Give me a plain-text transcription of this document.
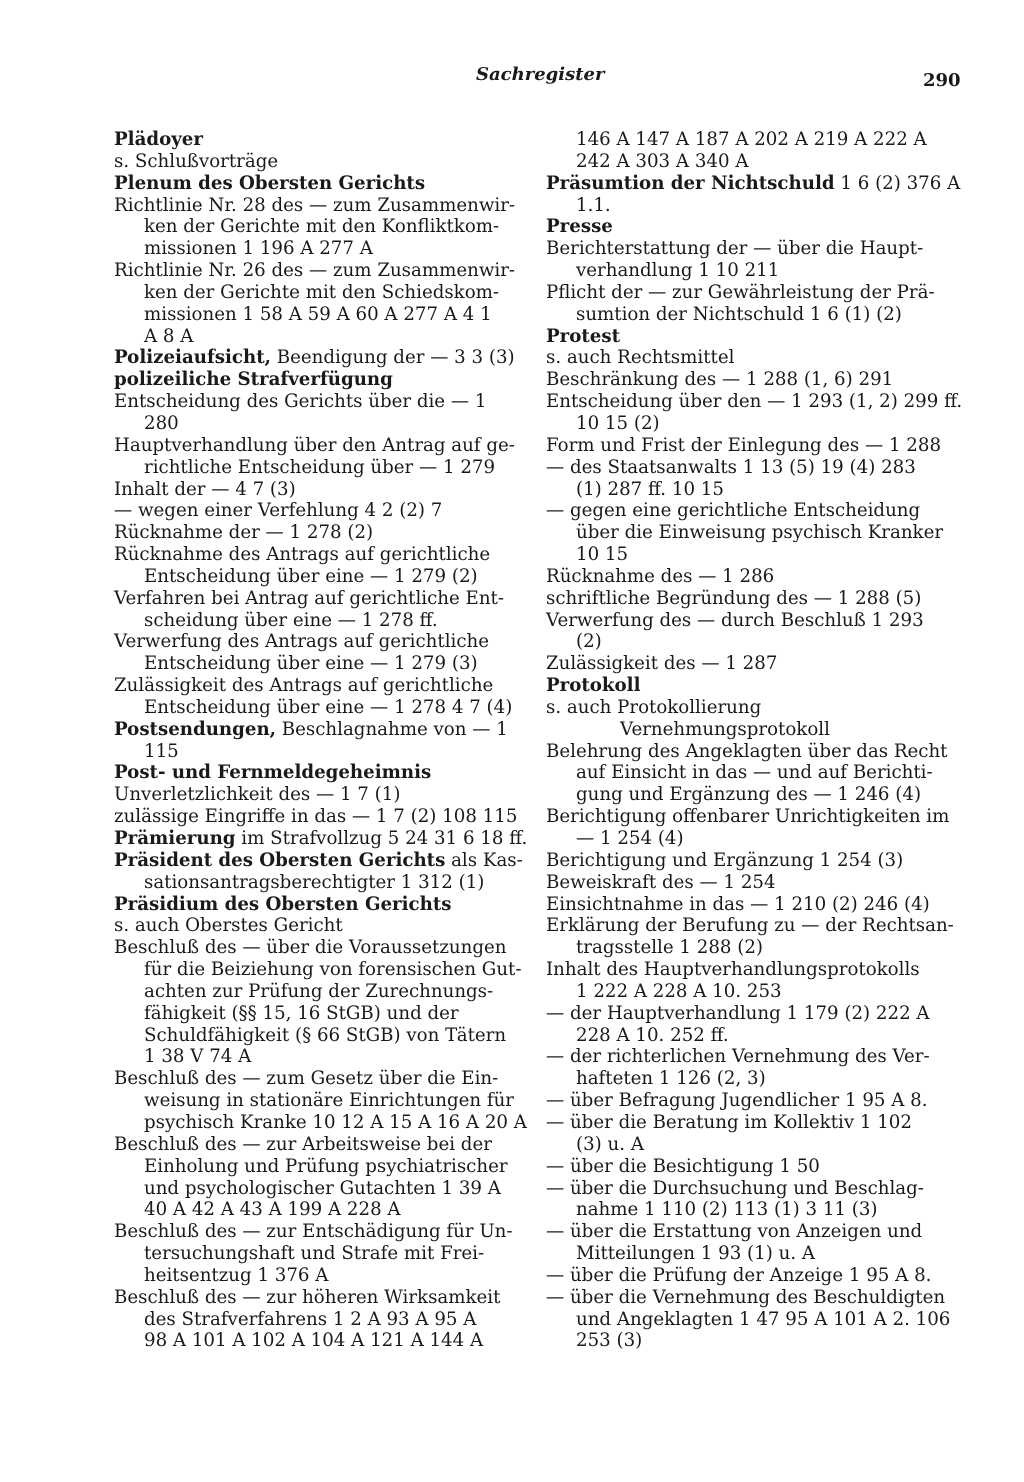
Sachregister	290
Plädoyer
s. Schlußvorträge
Plenum des Obersten Gerichts
Richtlinie Nr. 28 des — zum Zusammenwir-
ken der Gerichte mit den Konfliktkom-
missionen 1 196 A 277 A
Richtlinie Nr. 26 des — zum Zusammenwir-
ken der Gerichte mit den Schiedskom-
missionen 1 58 A 59 A 60 A 277 A 4 1
A 8 A
Polizeiaufsicht, Beendigung der — 3 3 (3)
polizeiliche Strafverfügung
Entscheidung des Gerichts über die — 1
280
Hauptverhandlung über den Antrag auf ge-
richtliche Entscheidung über — 1 279
Inhalt der — 4 7 (3)
— wegen einer Verfehlung 4 2 (2) 7
Rücknahme der — 1 278 (2)
Rücknahme des Antrags auf gerichtliche
Entscheidung über eine — 1 279 (2)
Verfahren bei Antrag auf gerichtliche Ent-
scheidung über eine — 1 278 ff.
Verwerfung des Antrags auf gerichtliche
Entscheidung über eine — 1 279 (3)
Zulässigkeit des Antrags auf gerichtliche
Entscheidung über eine — 1 278 4 7 (4)
Postsendungen, Beschlagnahme von — 1
115
Post- und Fernmeldegeheimnis
Unverletzlichkeit des — 1 7 (1)
zulässige Eingriffe in das — 1 7 (2) 108 115
Prämierung im Strafvollzug 5 24 31 6 18 ff.
Präsident des Obersten Gerichts als Kas-
sationsantragsberechtigter 1 312 (1)
Präsidium des Obersten Gerichts
s. auch Oberstes Gericht
Beschluß des — über die Voraussetzungen
für die Beiziehung von forensischen Gut-
achten zur Prüfung der Zurechnungs-
fähigkeit (§§ 15, 16 StGB) und der
Schuldfähigkeit (§ 66 StGB) von Tätern
1 38 V 74 A
Beschluß des — zum Gesetz über die Ein-
weisung in stationäre Einrichtungen für
psychisch Kranke 10 12 A 15 A 16 A 20 A
Beschluß des — zur Arbeitsweise bei der
Einholung und Prüfung psychiatrischer
und psychologischer Gutachten 1 39 A
40 A 42 A 43 A 199 A 228 A
Beschluß des — zur Entschädigung für Un-
tersuchungshaft und Strafe mit Frei-
heitsentzug 1 376 A
Beschluß des — zur höheren Wirksamkeit
des Strafverfahrens 1 2 A 93 A 95 A
98 A 101 A 102 A 104 A 121 A 144 A
146 A 147 A 187 A 202 A 219 A 222 A
242 A 303 A 340 A
Präsumtion der Nichtschuld 1 6 (2) 376 A
1.1.
Presse
Berichterstattung der — über die Haupt-
verhandlung 1 10 211
Pflicht der — zur Gewährleistung der Prä-
sumtion der Nichtschuld 1 6 (1) (2)
Protest
s. auch Rechtsmittel
Beschränkung des — 1 288 (1, 6) 291
Entscheidung über den — 1 293 (1, 2) 299 ff.
10 15 (2)
Form und Frist der Einlegung des — 1 288
— des Staatsanwalts 1 13 (5) 19 (4) 283
(1) 287 ff. 10 15
— gegen eine gerichtliche Entscheidung
über die Einweisung psychisch Kranker
10 15
Rücknahme des — 1 286
schriftliche Begründung des — 1 288 (5)
Verwerfung des — durch Beschluß 1 293
(2)
Zulässigkeit des — 1 287
Protokoll
s. auch Protokollierung
Vernehmungsprotokoll
Belehrung des Angeklagten über das Recht
auf Einsicht in das — und auf Berichti-
gung und Ergänzung des — 1 246 (4)
Berichtigung offenbarer Unrichtigkeiten im
— 1 254 (4)
Berichtigung und Ergänzung 1 254 (3)
Beweiskraft des — 1 254
Einsichtnahme in das — 1 210 (2) 246 (4)
Erklärung der Berufung zu — der Rechtsan-
tragsstelle 1 288 (2)
Inhalt des Hauptverhandlungsprotokolls
1 222 A 228 A 10. 253
— der Hauptverhandlung 1 179 (2) 222 A
228 A 10. 252 ff.
— der richterlichen Vernehmung des Ver-
hafteten 1 126 (2, 3)
— über Befragung Jugendlicher 1 95 A 8.
— über die Beratung im Kollektiv 1 102
(3) u. A
— über die Besichtigung 1 50
— über die Durchsuchung und Beschlag-
nahme 1 110 (2) 113 (1) 3 11 (3)
— über die Erstattung von Anzeigen und
Mitteilungen 1 93 (1) u. A
— über die Prüfung der Anzeige 1 95 A 8.
— über die Vernehmung des Beschuldigten
und Angeklagten 1 47 95 A 101 A 2. 106
253 (3)
